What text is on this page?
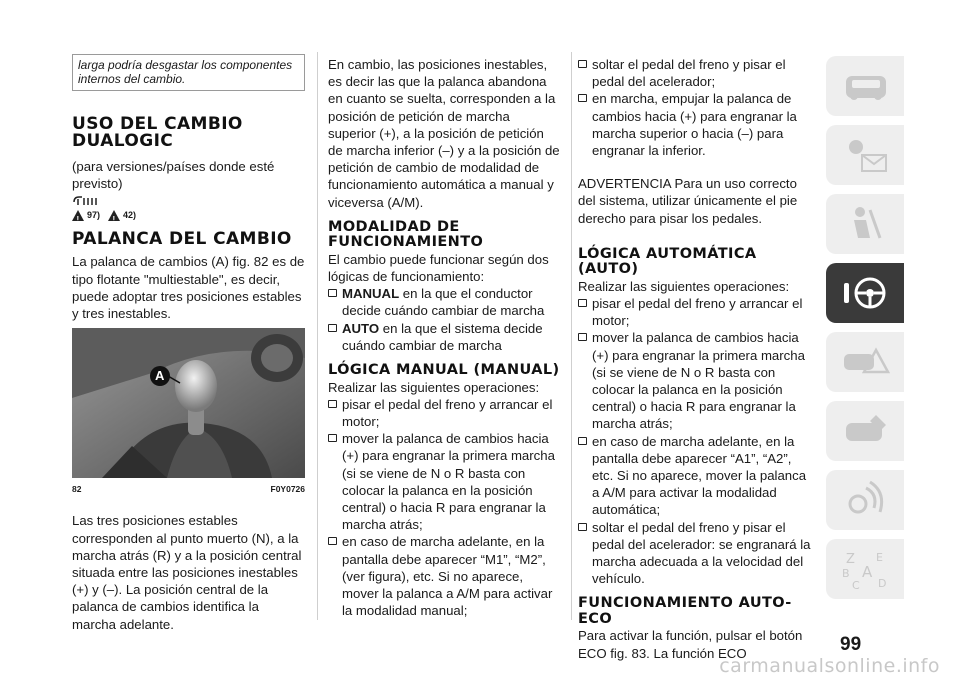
larga podría desgastar los componentes internos del cambio.

USO DEL CAMBIO DUALOGIC

(para versiones/países donde esté previsto)

!
97)
!	42)
PALANCA DEL CAMBIO

La palanca de cambios (A) fig. 82 es de tipo flotante "multiestable", es decir, puede adoptar tres posiciones estables y tres inestables.

A
82	F0Y0726

Las tres posiciones estables corresponden al punto muerto (N), a la marcha atrás (R) y a la posición central situada entre las posiciones inestables (+) y (–). La posición central de la palanca de cambios identifica la marcha adelante.

En cambio, las posiciones inestables, es decir las que la palanca abandona en cuanto se suelta, corresponden a la posición de petición de marcha superior (+), a la posición de petición de marcha inferior (–) y a la posición de petición de cambio de modalidad de funcionamiento automática a manual y viceversa (A/M).

MODALIDAD DE FUNCIONAMIENTO

El cambio puede funcionar según dos lógicas de funcionamiento:

MANUAL en la que el conductor decide cuándo cambiar de marcha

AUTO en la que el sistema decide cuándo cambiar de marcha

LÓGICA MANUAL (MANUAL)

Realizar las siguientes operaciones:

pisar el pedal del freno y arrancar el motor;

mover la palanca de cambios hacia (+) para engranar la primera marcha (si se viene de N o R basta con colocar la palanca en la posición central) o hacia R para engranar la marcha atrás;

en caso de marcha adelante, en la pantalla debe aparecer “M1”, “M2”, (ver figura), etc. Si no aparece, mover la palanca a A/M para activar la modalidad manual;

soltar el pedal del freno y pisar el pedal del acelerador;

en marcha, empujar la palanca de cambios hacia (+) para engranar la marcha superior o hacia (–) para engranar la inferior.

ADVERTENCIA Para un uso correcto del sistema, utilizar únicamente el pie derecho para pisar los pedales.

LÓGICA AUTOMÁTICA (AUTO)

Realizar las siguientes operaciones:

pisar el pedal del freno y arrancar el motor;

mover la palanca de cambios hacia (+) para engranar la primera marcha (si se viene de N o R basta con colocar la palanca en la posición central) o hacia R para engranar la marcha atrás;

en caso de marcha adelante, en la pantalla debe aparecer “A1”, “A2”, etc. Si no aparece, mover la palanca a A/M para activar la modalidad automática;

soltar el pedal del freno y pisar el pedal del acelerador: se engranará la marcha adecuada a la velocidad del vehículo.

FUNCIONAMIENTO AUTO-ECO

Para activar la función, pulsar el botón ECO fig. 83. La función ECO

Z E
B A
C D
99
carmanualsonline.info
